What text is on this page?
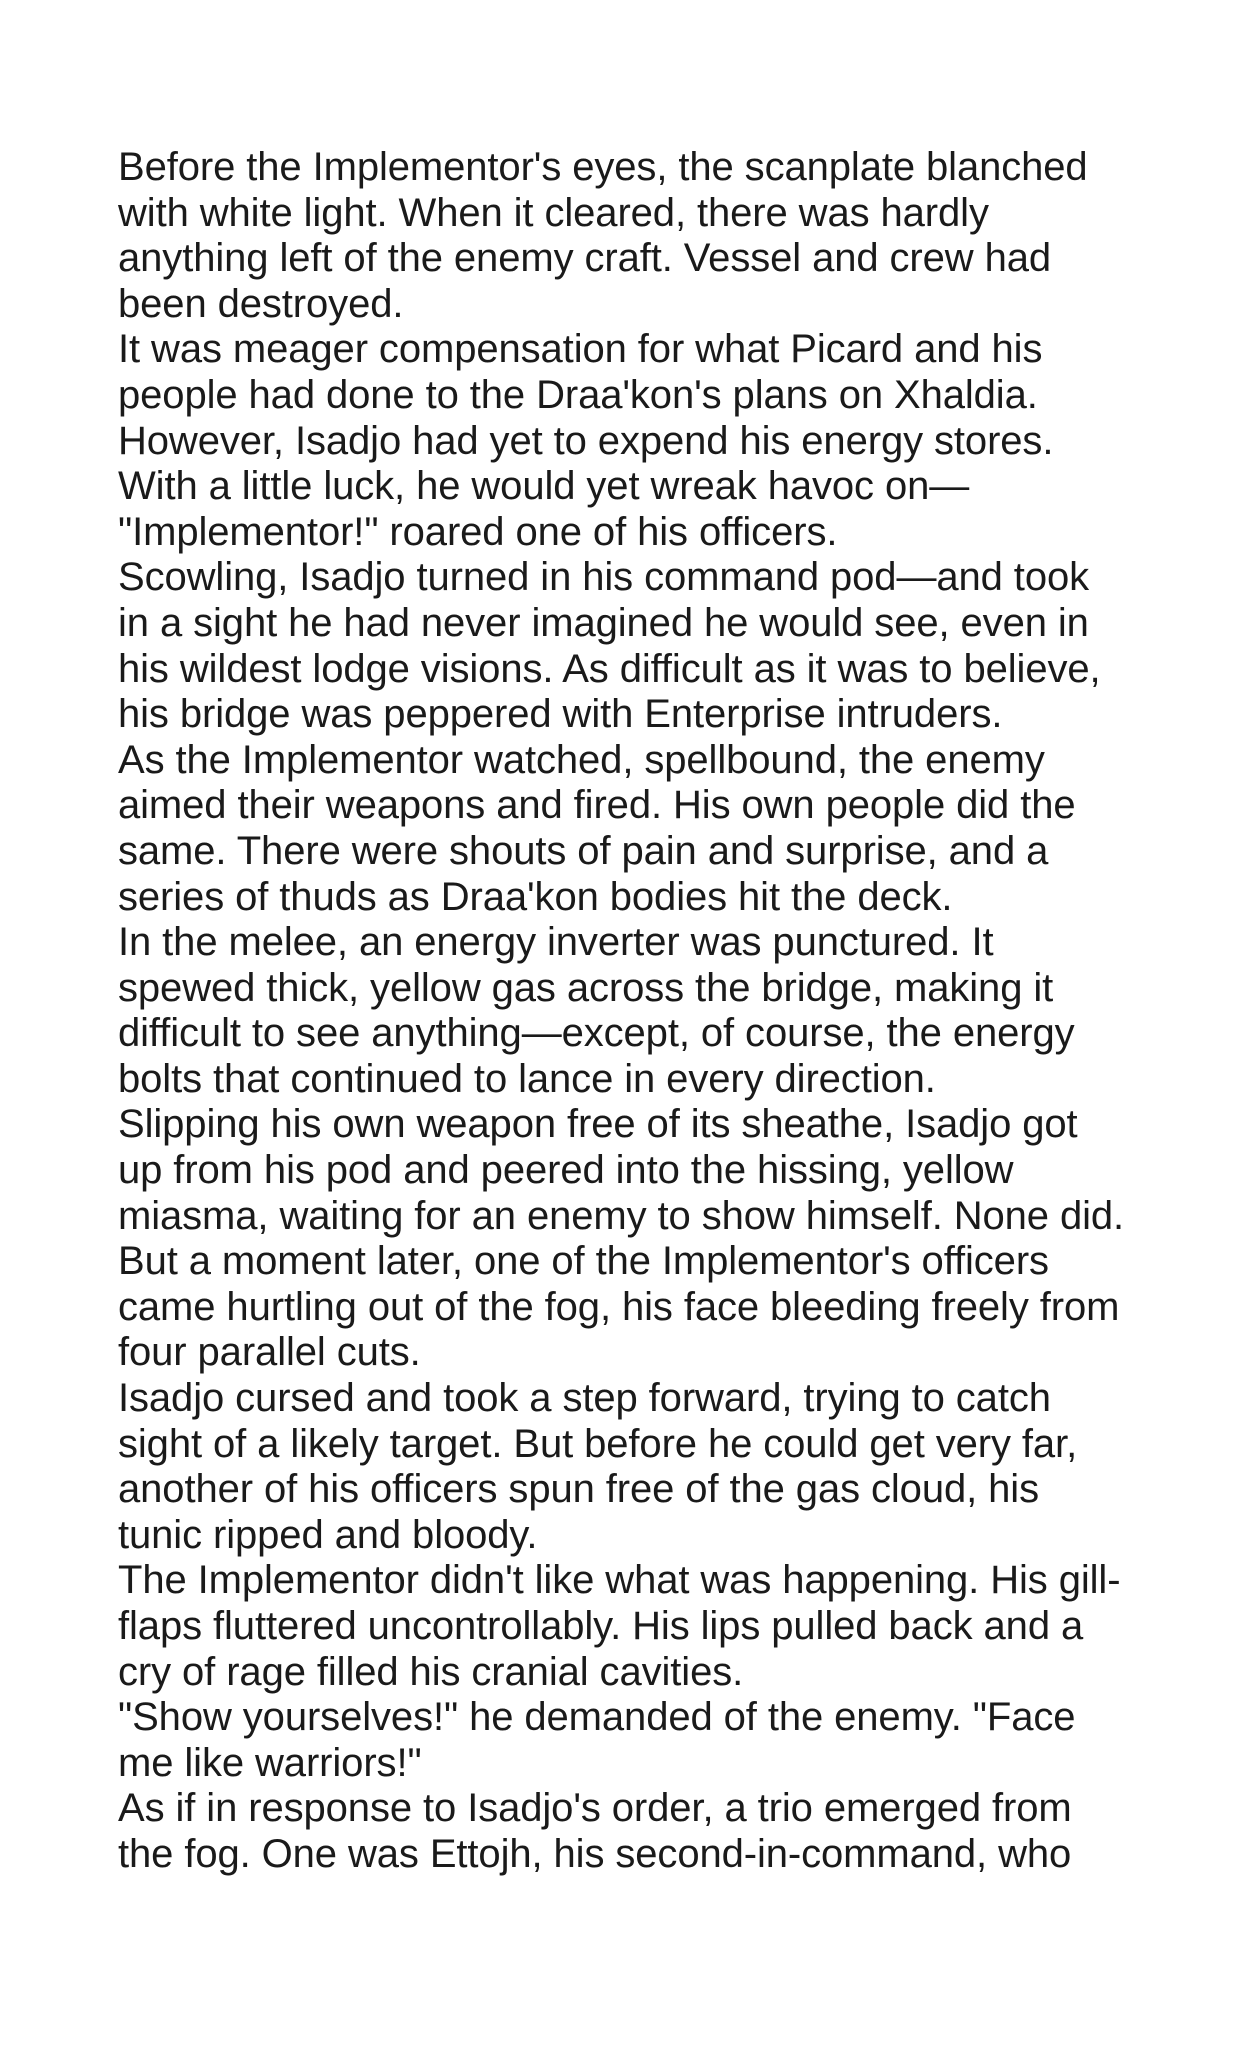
Before the Implementor's eyes, the scanplate blanched
with white light. When it cleared, there was hardly
anything left of the enemy craft. Vessel and crew had
been destroyed.
It was meager compensation for what Picard and his
people had done to the Draa'kon's plans on Xhaldia.
However, Isadjo had yet to expend his energy stores.
With a little luck, he would yet wreak havoc on—
"Implementor!" roared one of his officers.
Scowling, Isadjo turned in his command pod—and took
in a sight he had never imagined he would see, even in
his wildest lodge visions. As difficult as it was to believe,
his bridge was peppered with Enterprise intruders.
As the Implementor watched, spellbound, the enemy
aimed their weapons and fired. His own people did the
same. There were shouts of pain and surprise, and a
series of thuds as Draa'kon bodies hit the deck.
In the melee, an energy inverter was punctured. It
spewed thick, yellow gas across the bridge, making it
difficult to see anything—except, of course, the energy
bolts that continued to lance in every direction.
Slipping his own weapon free of its sheathe, Isadjo got
up from his pod and peered into the hissing, yellow
miasma, waiting for an enemy to show himself. None did.
But a moment later, one of the Implementor's officers
came hurtling out of the fog, his face bleeding freely from
four parallel cuts.
Isadjo cursed and took a step forward, trying to catch
sight of a likely target. But before he could get very far,
another of his officers spun free of the gas cloud, his
tunic ripped and bloody.
The Implementor didn't like what was happening. His gill-
flaps fluttered uncontrollably. His lips pulled back and a
cry of rage filled his cranial cavities.
"Show yourselves!" he demanded of the enemy. "Face
me like warriors!"
As if in response to Isadjo's order, a trio emerged from
the fog. One was Ettojh, his second-in-command, who
